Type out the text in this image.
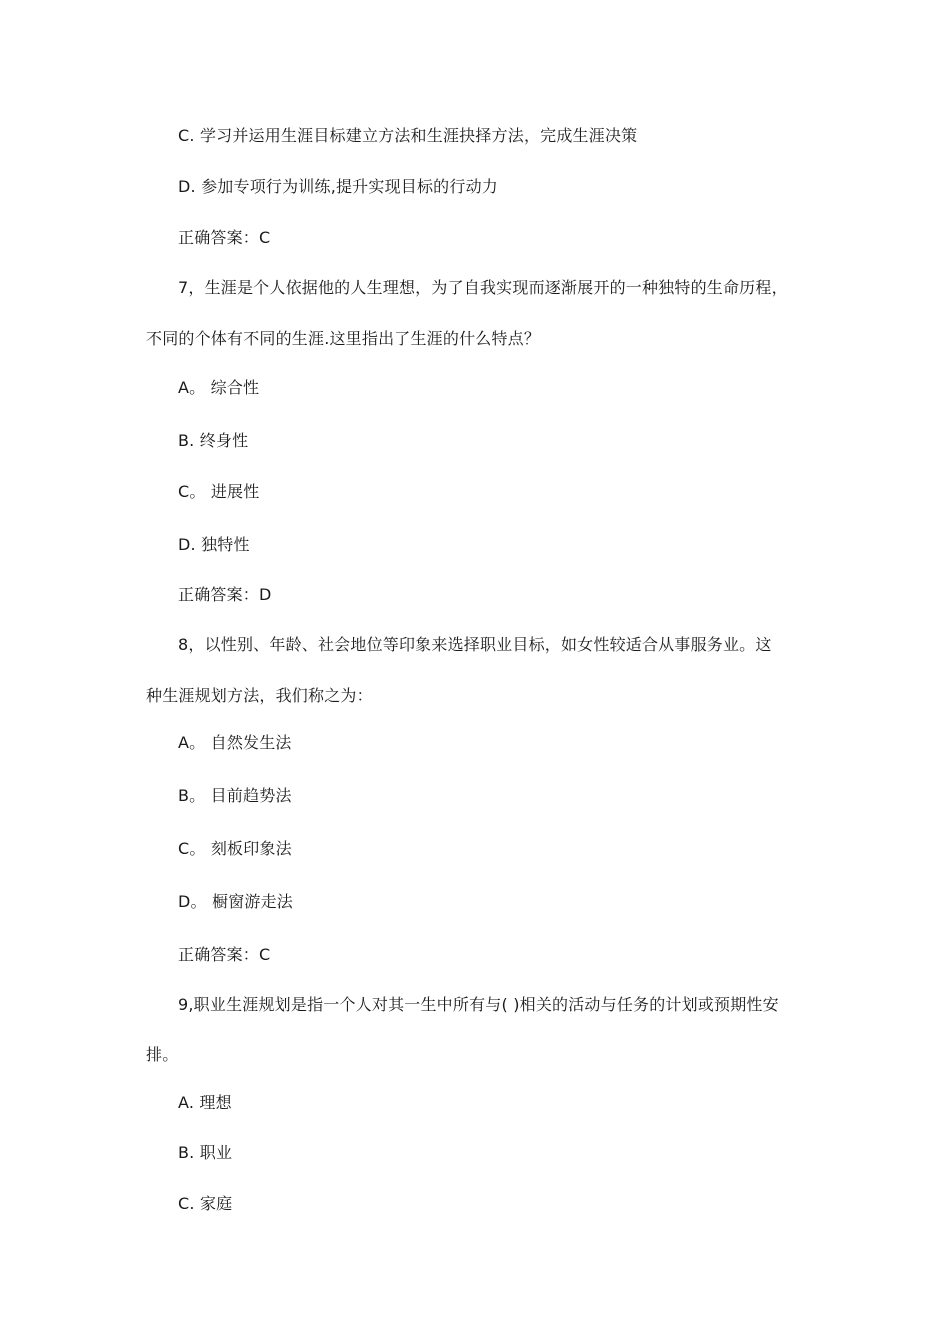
C. 学习并运用生涯目标建立方法和生涯抉择方法，完成生涯决策
D. 参加专项行为训练,提升实现目标的行动力
正确答案：C
7，生涯是个人依据他的人生理想，为了自我实现而逐渐展开的一种独特的生命历程，
不同的个体有不同的生涯.这里指出了生涯的什么特点？
A。 综合性
B. 终身性
C。 进展性
D. 独特性
正确答案：D
8，以性别、年龄、社会地位等印象来选择职业目标，如女性较适合从事服务业。这
种生涯规划方法，我们称之为：
A。 自然发生法
B。 目前趋势法
C。 刻板印象法
D。 橱窗游走法
正确答案：C
9,职业生涯规划是指一个人对其一生中所有与( )相关的活动与任务的计划或预期性安
排。
A. 理想
B. 职业
C. 家庭
